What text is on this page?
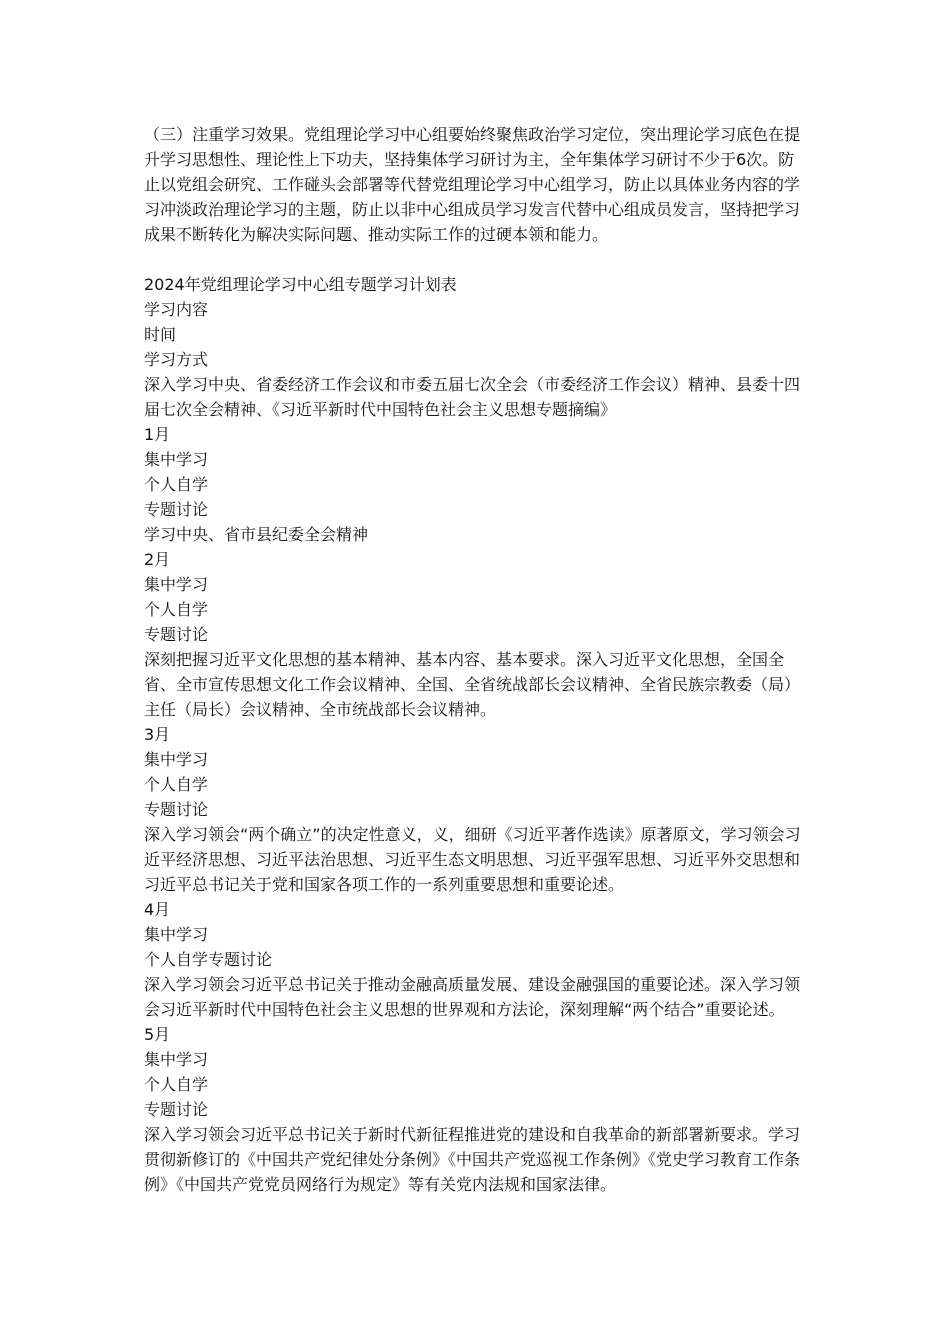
（三）注重学习效果。党组理论学习中心组要始终聚焦政治学习定位，突出理论学习底色在提升学习思想性、理论性上下功夫，坚持集体学习研讨为主，全年集体学习研讨不少于6次。防止以党组会研究、工作碰头会部署等代替党组理论学习中心组学习，防止以具体业务内容的学习冲淡政治理论学习的主题，防止以非中心组成员学习发言代替中心组成员发言，坚持把学习成果不断转化为解决实际问题、推动实际工作的过硬本领和能力。

2024年党组理论学习中心组专题学习计划表

学习内容

时间

学习方式

深入学习中央、省委经济工作会议和市委五届七次全会（市委经济工作会议）精神、县委十四届七次全会精神、《习近平新时代中国特色社会主义思想专题摘编》

1月

集中学习

个人自学

专题讨论

学习中央、省市县纪委全会精神

2月

集中学习

个人自学

专题讨论

深刻把握习近平文化思想的基本精神、基本内容、基本要求。深入习近平文化思想，全国全省、全市宣传思想文化工作会议精神、全国、全省统战部长会议精神、全省民族宗教委（局）主任（局长）会议精神、全市统战部长会议精神。

3月

集中学习

个人自学

专题讨论

深入学习领会“两个确立”的决定性意义，义，细研《习近平著作选读》原著原文，学习领会习近平经济思想、习近平法治思想、习近平生态文明思想、习近平强军思想、习近平外交思想和习近平总书记关于党和国家各项工作的一系列重要思想和重要论述。

4月

集中学习

个人自学专题讨论

深入学习领会习近平总书记关于推动金融高质量发展、建设金融强国的重要论述。深入学习领会习近平新时代中国特色社会主义思想的世界观和方法论，深刻理解“两个结合”重要论述。

5月

集中学习

个人自学

专题讨论

深入学习领会习近平总书记关于新时代新征程推进党的建设和自我革命的新部署新要求。学习贯彻新修订的《中国共产党纪律处分条例》《中国共产党巡视工作条例》《党史学习教育工作条例》《中国共产党党员网络行为规定》等有关党内法规和国家法律。
